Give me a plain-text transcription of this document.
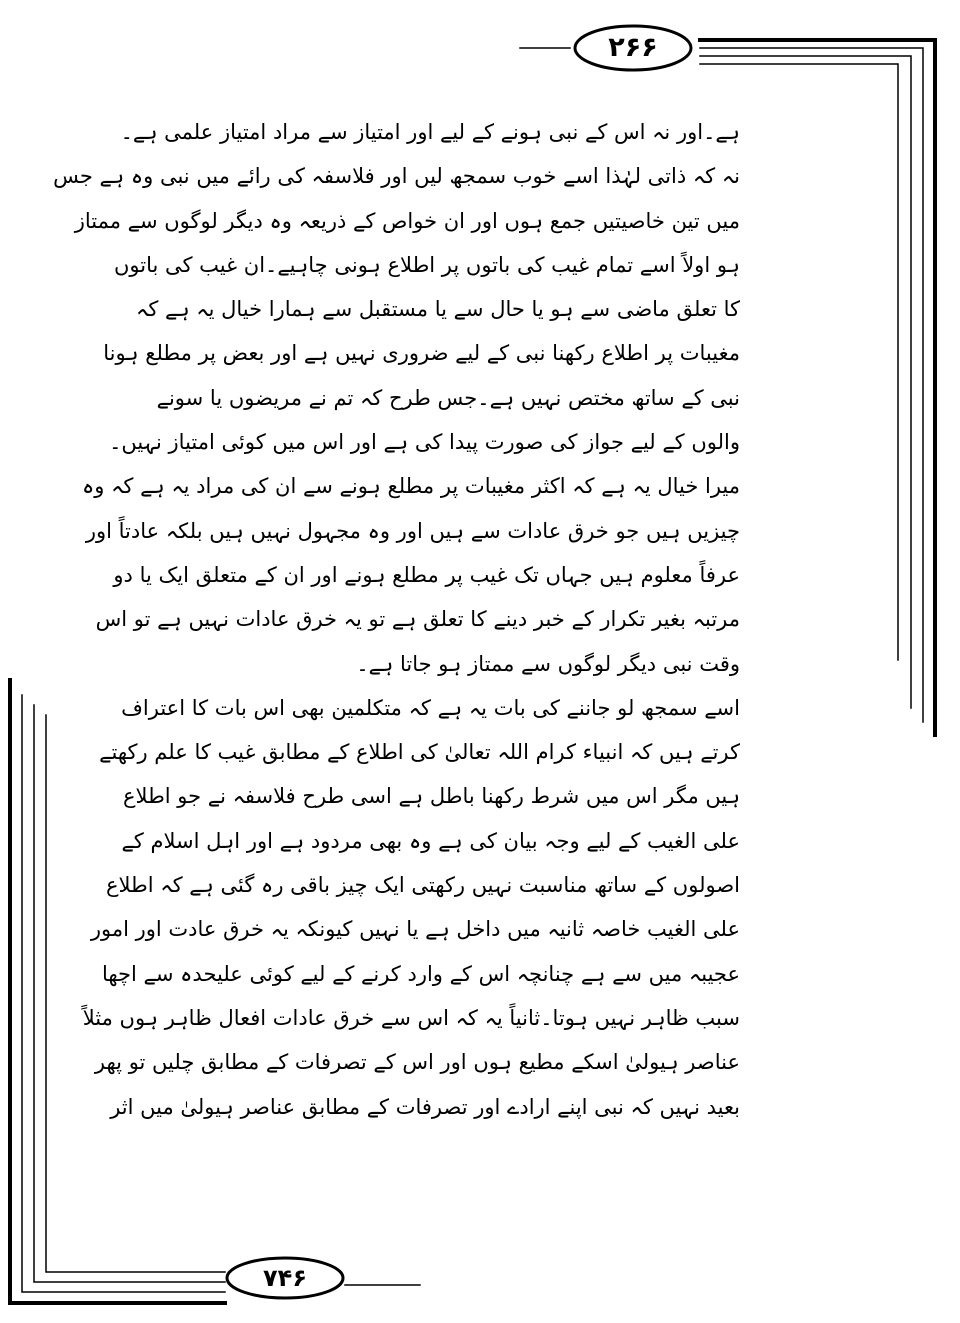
۲۶۶
۷۴۶
ہے۔اور نہ اس کے نبی ہونے کے لیے اور امتیاز سے مراد امتیاز علمی ہے۔
نہ کہ ذاتی لہٰذا اسے خوب سمجھ لیں اور فلاسفہ کی رائے میں نبی وہ ہے جس
میں تین خاصیتیں جمع ہوں اور ان خواص کے ذریعہ وہ دیگر لوگوں سے ممتاز
ہو اولاً اسے تمام غیب کی باتوں پر اطلاع ہونی چاہیے۔ان غیب کی باتوں
کا تعلق ماضی سے ہو یا حال سے یا مستقبل سے ہمارا خیال یہ ہے کہ
مغیبات پر اطلاع رکھنا نبی کے لیے ضروری نہیں ہے اور بعض پر مطلع ہونا
نبی کے ساتھ مختص نہیں ہے۔جس طرح کہ تم نے مریضوں یا سونے
والوں کے لیے جواز کی صورت پیدا کی ہے اور اس میں کوئی امتیاز نہیں۔
میرا خیال یہ ہے کہ اکثر مغیبات پر مطلع ہونے سے ان کی مراد یہ ہے کہ وہ
چیزیں ہیں جو خرق عادات سے ہیں اور وہ مجہول نہیں ہیں بلکہ عادتاً اور
عرفاً معلوم ہیں جہاں تک غیب پر مطلع ہونے اور ان کے متعلق ایک یا دو
مرتبہ بغیر تکرار کے خبر دینے کا تعلق ہے تو یہ خرق عادات نہیں ہے تو اس
وقت نبی دیگر لوگوں سے ممتاز ہو جاتا ہے۔
اسے سمجھ لو جاننے کی بات یہ ہے کہ متکلمین بھی اس بات کا اعتراف
کرتے ہیں کہ انبیاء کرام اللہ تعالیٰ کی اطلاع کے مطابق غیب کا علم رکھتے
ہیں مگر اس میں شرط رکھنا باطل ہے اسی طرح فلاسفہ نے جو اطلاع
علی الغیب کے لیے وجہ بیان کی ہے وہ بھی مردود ہے اور اہل اسلام کے
اصولوں کے ساتھ مناسبت نہیں رکھتی ایک چیز باقی رہ گئی ہے کہ اطلاع
علی الغیب خاصہ ثانیہ میں داخل ہے یا نہیں کیونکہ یہ خرق عادت اور امور
عجیبہ میں سے ہے چنانچہ اس کے وارد کرنے کے لیے کوئی علیحدہ سے اچھا
سبب ظاہر نہیں ہوتا۔ثانیاً یہ کہ اس سے خرق عادات افعال ظاہر ہوں مثلاً
عناصر ہیولیٰ اسکے مطیع ہوں اور اس کے تصرفات کے مطابق چلیں تو پھر
بعید نہیں کہ نبی اپنے ارادے اور تصرفات کے مطابق عناصر ہیولیٰ میں اثر
